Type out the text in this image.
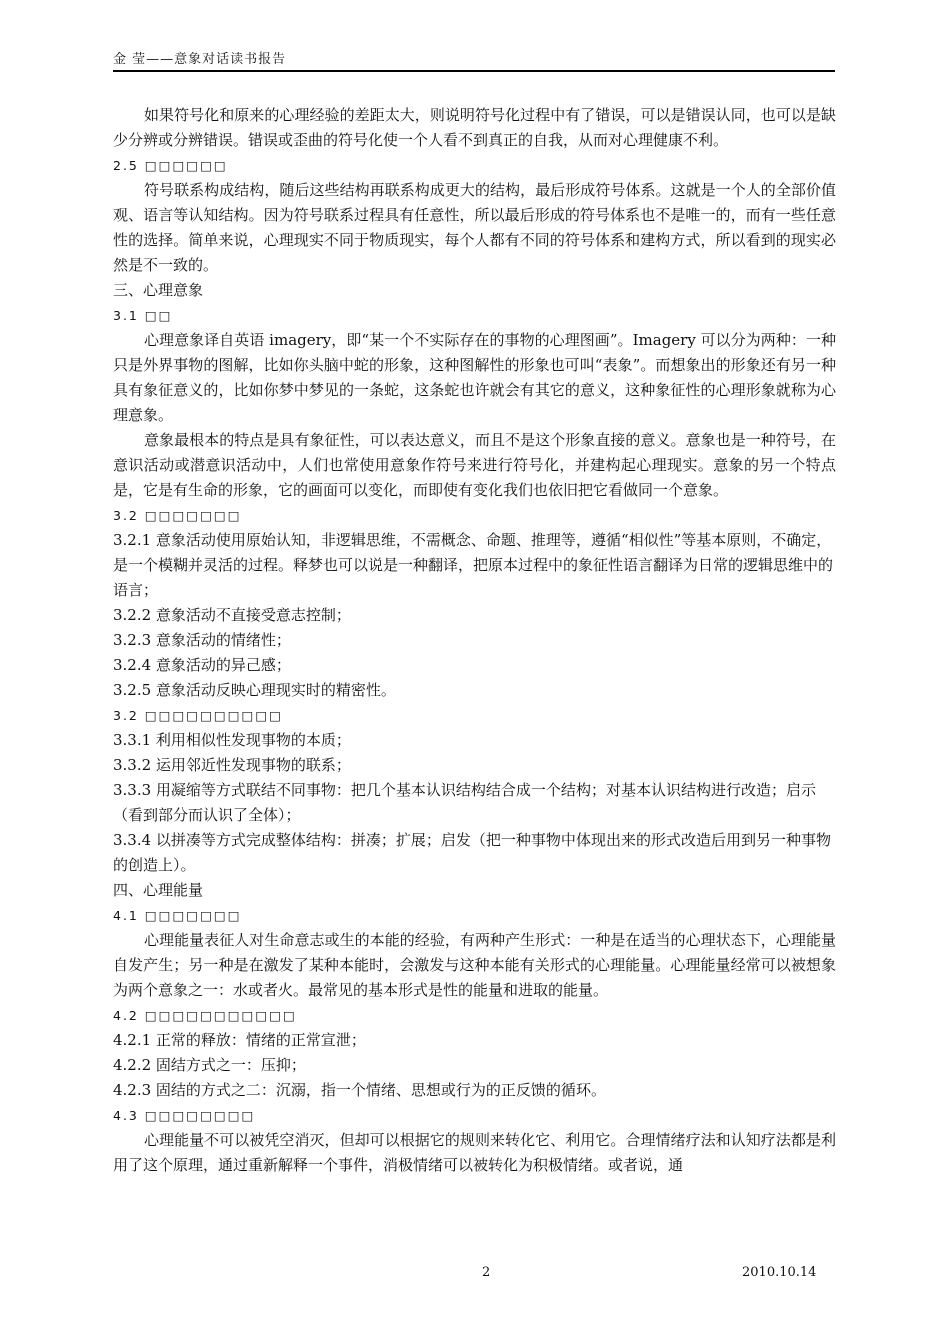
金 莹——意象对话读书报告

如果符号化和原来的心理经验的差距太大，则说明符号化过程中有了错误，可以是错误认同，也可以是缺少分辨或分辨错误。错误或歪曲的符号化使一个人看不到真正的自我，从而对心理健康不利。

2.5 □□□□□□

符号联系构成结构，随后这些结构再联系构成更大的结构，最后形成符号体系。这就是一个人的全部价值观、语言等认知结构。因为符号联系过程具有任意性，所以最后形成的符号体系也不是唯一的，而有一些任意性的选择。简单来说，心理现实不同于物质现实，每个人都有不同的符号体系和建构方式，所以看到的现实必然是不一致的。

三、心理意象

3.1 □□

心理意象译自英语 imagery，即“某一个不实际存在的事物的心理图画”。Imagery 可以分为两种：一种只是外界事物的图解，比如你头脑中蛇的形象，这种图解性的形象也可叫“表象”。而想象出的形象还有另一种具有象征意义的，比如你梦中梦见的一条蛇，这条蛇也许就会有其它的意义，这种象征性的心理形象就称为心理意象。

意象最根本的特点是具有象征性，可以表达意义，而且不是这个形象直接的意义。意象也是一种符号，在意识活动或潜意识活动中，人们也常使用意象作符号来进行符号化，并建构起心理现实。意象的另一个特点是，它是有生命的形象，它的画面可以变化，而即使有变化我们也依旧把它看做同一个意象。

3.2 □□□□□□□

3.2.1 意象活动使用原始认知，非逻辑思维，不需概念、命题、推理等，遵循“相似性”等基本原则，不确定，是一个模糊并灵活的过程。释梦也可以说是一种翻译，把原本过程中的象征性语言翻译为日常的逻辑思维中的语言；

3.2.2 意象活动不直接受意志控制；

3.2.3 意象活动的情绪性；

3.2.4 意象活动的异己感；

3.2.5 意象活动反映心理现实时的精密性。

3.2 □□□□□□□□□□

3.3.1 利用相似性发现事物的本质；

3.3.2 运用邻近性发现事物的联系；

3.3.3 用凝缩等方式联结不同事物：把几个基本认识结构结合成一个结构；对基本认识结构进行改造；启示（看到部分而认识了全体）；

3.3.4 以拼凑等方式完成整体结构：拼凑；扩展；启发（把一种事物中体现出来的形式改造后用到另一种事物的创造上）。

四、心理能量

4.1 □□□□□□□

心理能量表征人对生命意志或生的本能的经验，有两种产生形式：一种是在适当的心理状态下，心理能量自发产生；另一种是在激发了某种本能时，会激发与这种本能有关形式的心理能量。心理能量经常可以被想象为两个意象之一：水或者火。最常见的基本形式是性的能量和进取的能量。

4.2 □□□□□□□□□□□

4.2.1 正常的释放：情绪的正常宣泄；

4.2.2 固结方式之一：压抑；

4.2.3 固结的方式之二：沉溺，指一个情绪、思想或行为的正反馈的循环。

4.3 □□□□□□□□

心理能量不可以被凭空消灭，但却可以根据它的规则来转化它、利用它。合理情绪疗法和认知疗法都是利用了这个原理，通过重新解释一个事件，消极情绪可以被转化为积极情绪。或者说，通

2	2010.10.14
